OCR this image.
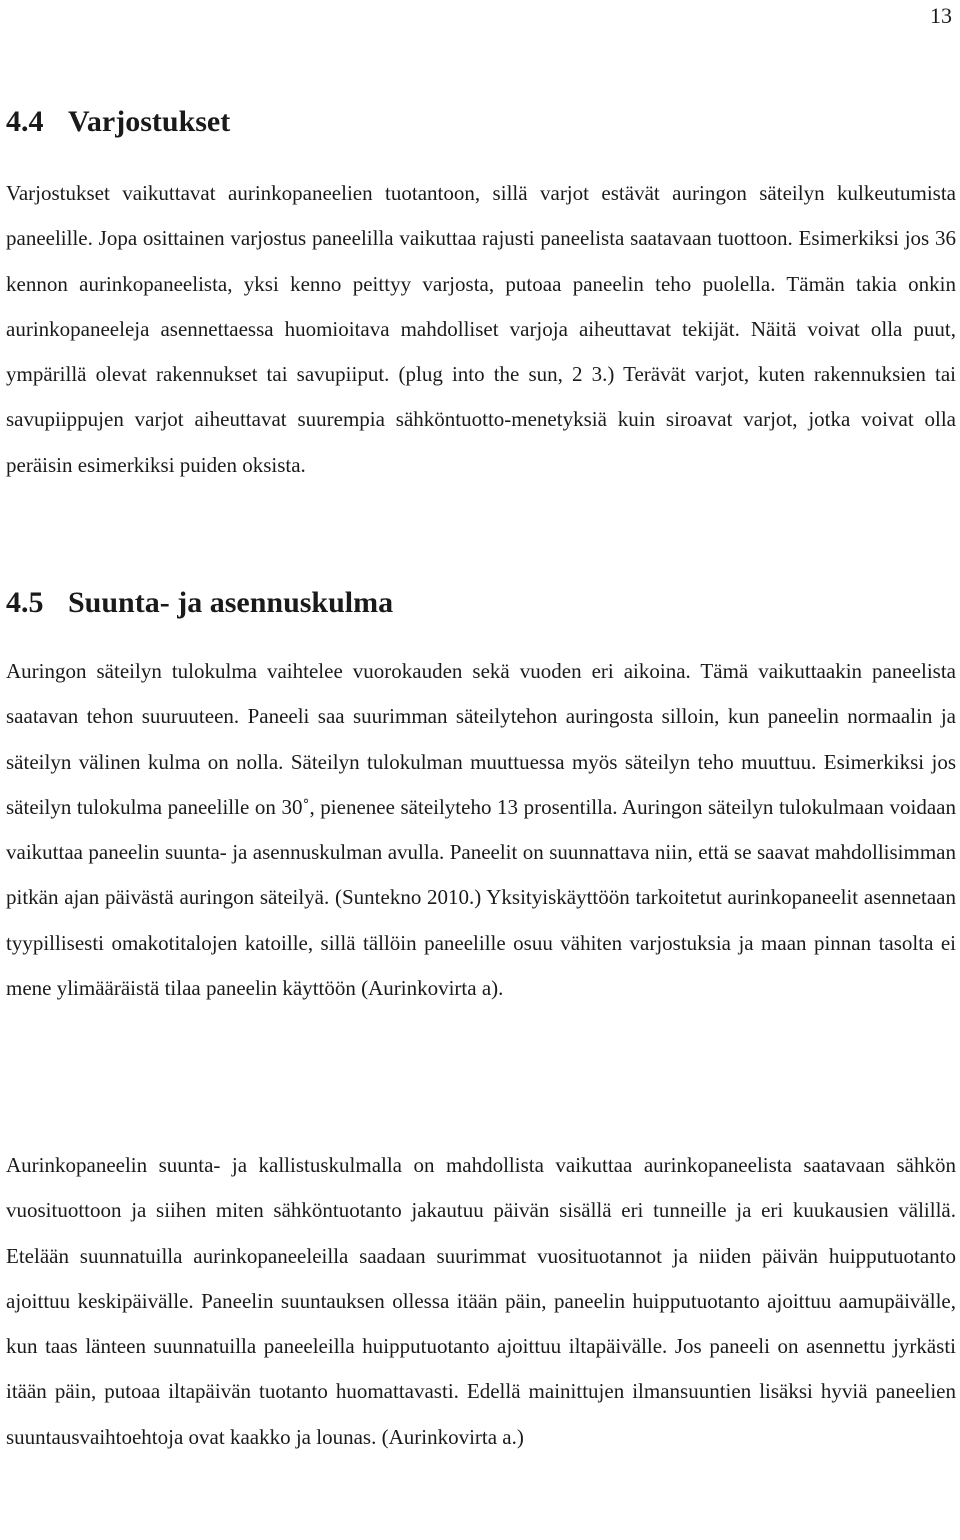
13
4.4 Varjostukset

Varjostukset vaikuttavat aurinkopaneelien tuotantoon, sillä varjot estävät auringon säteilyn kulkeutumista paneelille. Jopa osittainen varjostus paneelilla vaikuttaa rajusti paneelista saatavaan tuottoon. Esimerkiksi jos 36 kennon aurinkopaneelista, yksi kenno peittyy varjosta, putoaa paneelin teho puolella. Tämän takia onkin aurinkopaneeleja asennettaessa huomioitava mahdolliset varjoja aiheuttavat tekijät. Näitä voivat olla puut, ympärillä olevat rakennukset tai savupiiput. (plug into the sun, 2 3.) Terävät varjot, kuten rakennuksien tai savupiippujen varjot aiheuttavat suurempia sähköntuotto-menetyksiä kuin siroavat varjot, jotka voivat olla peräisin esimerkiksi puiden oksista.

4.5 Suunta- ja asennuskulma

Auringon säteilyn tulokulma vaihtelee vuorokauden sekä vuoden eri aikoina. Tämä vaikuttaakin paneelista saatavan tehon suuruuteen. Paneeli saa suurimman säteilytehon auringosta silloin, kun paneelin normaalin ja säteilyn välinen kulma on nolla. Säteilyn tulokulman muuttuessa myös säteilyn teho muuttuu. Esimerkiksi jos säteilyn tulokulma paneelille on 30˚, pienenee säteilyteho 13 prosentilla. Auringon säteilyn tulokulmaan voidaan vaikuttaa paneelin suunta- ja asennuskulman avulla. Paneelit on suunnattava niin, että se saavat mahdollisimman pitkän ajan päivästä auringon säteilyä. (Suntekno 2010.) Yksityiskäyttöön tarkoitetut aurinkopaneelit asennetaan tyypillisesti omakotitalojen katoille, sillä tällöin paneelille osuu vähiten varjostuksia ja maan pinnan tasolta ei mene ylimääräistä tilaa paneelin käyttöön (Aurinkovirta a).

Aurinkopaneelin suunta- ja kallistuskulmalla on mahdollista vaikuttaa aurinkopaneelista saatavaan sähkön vuosituottoon ja siihen miten sähköntuotanto jakautuu päivän sisällä eri tunneille ja eri kuukausien välillä. Etelään suunnatuilla aurinkopaneeleilla saadaan suurimmat vuosituotannot ja niiden päivän huipputuotanto ajoittuu keskipäivälle. Paneelin suuntauksen ollessa itään päin, paneelin huipputuotanto ajoittuu aamupäivälle, kun taas länteen suunnatuilla paneeleilla huipputuotanto ajoittuu iltapäivälle. Jos paneeli on asennettu jyrkästi itään päin, putoaa iltapäivän tuotanto huomattavasti. Edellä mainittujen ilmansuuntien lisäksi hyviä paneelien suuntausvaihtoehtoja ovat kaakko ja lounas. (Aurinkovirta a.)
